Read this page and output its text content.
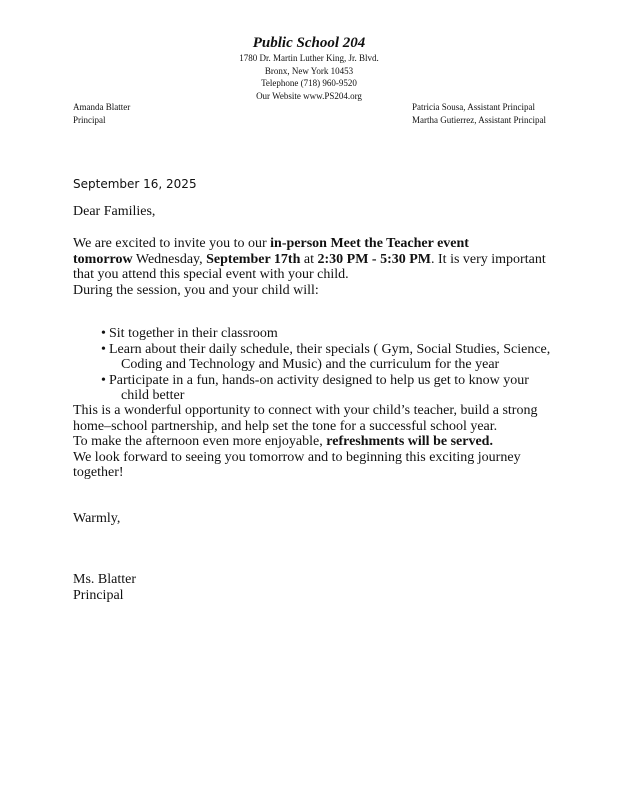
Public School 204
1780 Dr. Martin Luther King, Jr. Blvd.
Bronx, New York 10453
Telephone (718) 960-9520
Our Website www.PS204.org
Amanda Blatter
Principal
Patricia Sousa, Assistant Principal
Martha Gutierrez, Assistant Principal
September 16, 2025
Dear Families,
We are excited to invite you to our in-person Meet the Teacher event
tomorrow Wednesday, September 17th at 2:30 PM - 5:30 PM. It is very important that you attend this special event with your child.
During the session, you and your child will:
• Sit together in their classroom
• Learn about their daily schedule, their specials ( Gym, Social Studies, Science,
Coding and Technology and Music) and the curriculum for the year
• Participate in a fun, hands-on activity designed to help us get to know your
child better
This is a wonderful opportunity to connect with your child’s teacher, build a strong home–school partnership, and help set the tone for a successful school year.
To make the afternoon even more enjoyable, refreshments will be served.
We look forward to seeing you tomorrow and to beginning this exciting journey together!
Warmly,
Ms. Blatter
Principal
